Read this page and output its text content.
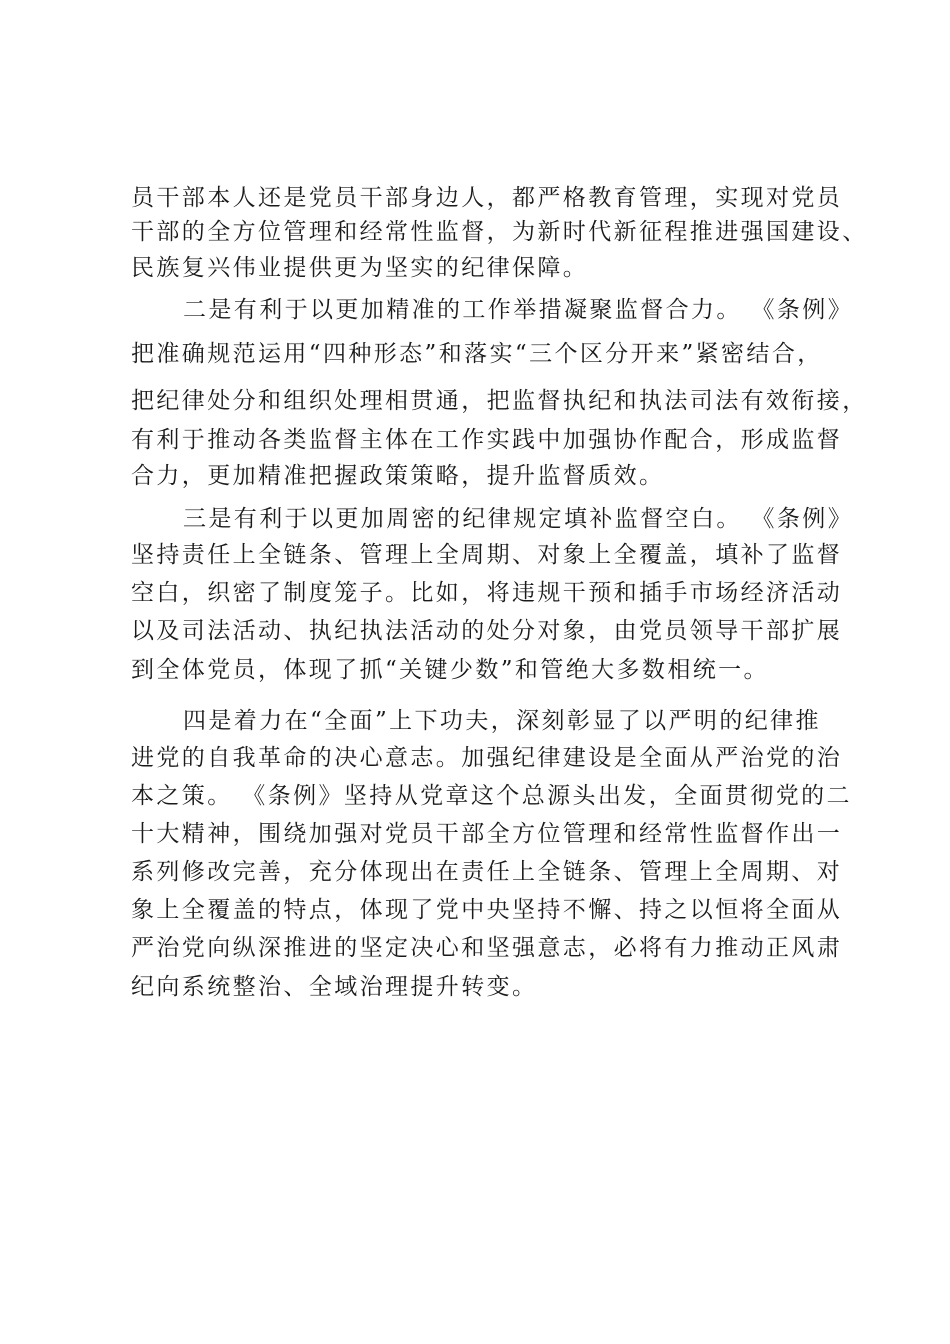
员干部本人还是党员干部身边人，都严格教育管理，实现对党员
干部的全方位管理和经常性监督，为新时代新征程推进强国建设、
民族复兴伟业提供更为坚实的纪律保障。
二是有利于以更加精准的工作举措凝聚监督合力。 《条例》
把准确规范运用“四种形态”和落实“三个区分开来”紧密结合，
把纪律处分和组织处理相贯通，把监督执纪和执法司法有效衔接，
有利于推动各类监督主体在工作实践中加强协作配合，形成监督
合力，更加精准把握政策策略，提升监督质效。
三是有利于以更加周密的纪律规定填补监督空白。 《条例》
坚持责任上全链条、管理上全周期、对象上全覆盖，填补了监督
空白，织密了制度笼子。比如，将违规干预和插手市场经济活动
以及司法活动、执纪执法活动的处分对象，由党员领导干部扩展
到全体党员，体现了抓“关键少数”和管绝大多数相统一。
四是着力在“全面”上下功夫，深刻彰显了以严明的纪律推
进党的自我革命的决心意志。加强纪律建设是全面从严治党的治
本之策。 《条例》坚持从党章这个总源头出发，全面贯彻党的二
十大精神，围绕加强对党员干部全方位管理和经常性监督作出一
系列修改完善，充分体现出在责任上全链条、管理上全周期、对
象上全覆盖的特点，体现了党中央坚持不懈、持之以恒将全面从
严治党向纵深推进的坚定决心和坚强意志，必将有力推动正风肃
纪向系统整治、全域治理提升转变。
